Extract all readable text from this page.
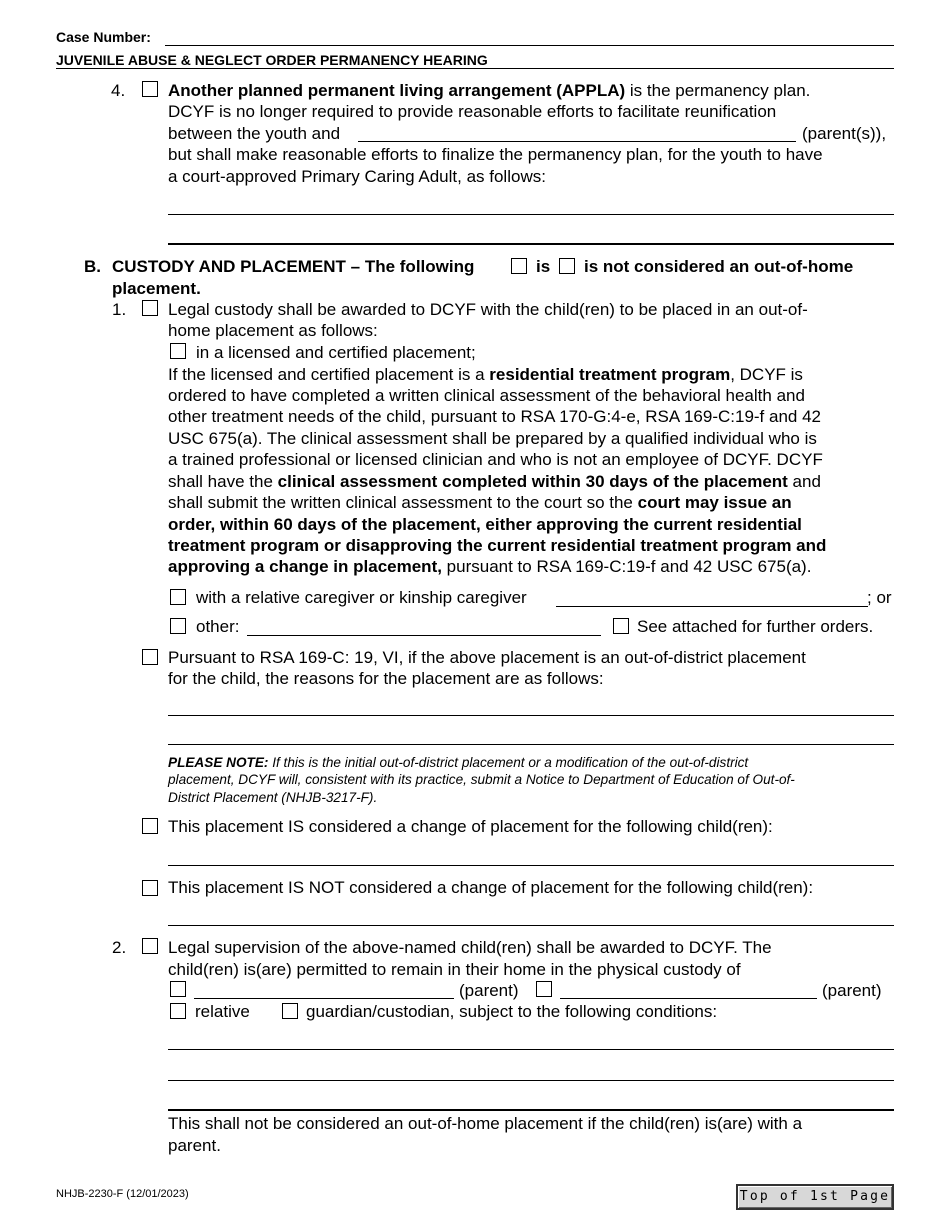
Case Number:
JUVENILE ABUSE & NEGLECT ORDER PERMANENCY HEARING
4.	Another planned permanent living arrangement (APPLA) is the permanency plan.
DCYF is no longer required to provide reasonable efforts to facilitate reunification
between the youth and	(parent(s)),
but shall make reasonable efforts to finalize the permanency plan, for the youth to have
a court-approved Primary Caring Adult, as follows:
B. CUSTODY AND PLACEMENT – The following	is is not considered an out-of-home
placement.
1. Legal custody shall be awarded to DCYF with the child(ren) to be placed in an out-of-
home placement as follows:
in a licensed and certified placement;
If the licensed and certified placement is a residential treatment program, DCYF is
ordered to have completed a written clinical assessment of the behavioral health and
other treatment needs of the child, pursuant to RSA 170-G:4-e, RSA 169-C:19-f and 42
USC 675(a). The clinical assessment shall be prepared by a qualified individual who is
a trained professional or licensed clinician and who is not an employee of DCYF. DCYF
shall have the clinical assessment completed within 30 days of the placement and
shall submit the written clinical assessment to the court so the court may issue an
order, within 60 days of the placement, either approving the current residential
treatment program or disapproving the current residential treatment program and
approving a change in placement, pursuant to RSA 169-C:19-f and 42 USC 675(a).
with a relative caregiver or kinship caregiver	; or
other:	See attached for further orders.
Pursuant to RSA 169-C: 19, VI, if the above placement is an out-of-district placement
for the child, the reasons for the placement are as follows:
PLEASE NOTE: If this is the initial out-of-district placement or a modification of the out-of-district
placement, DCYF will, consistent with its practice, submit a Notice to Department of Education of Out-of-
District Placement (NHJB-3217-F).
This placement IS considered a change of placement for the following child(ren):
This placement IS NOT considered a change of placement for the following child(ren):
2. Legal supervision of the above-named child(ren) shall be awarded to DCYF. The
child(ren) is(are) permitted to remain in their home in the physical custody of
(parent)	(parent)
relative	guardian/custodian, subject to the following conditions:
This shall not be considered an out-of-home placement if the child(ren) is(are) with a
parent.
NHJB-2230-F (12/01/2023)	Top of 1st Page
